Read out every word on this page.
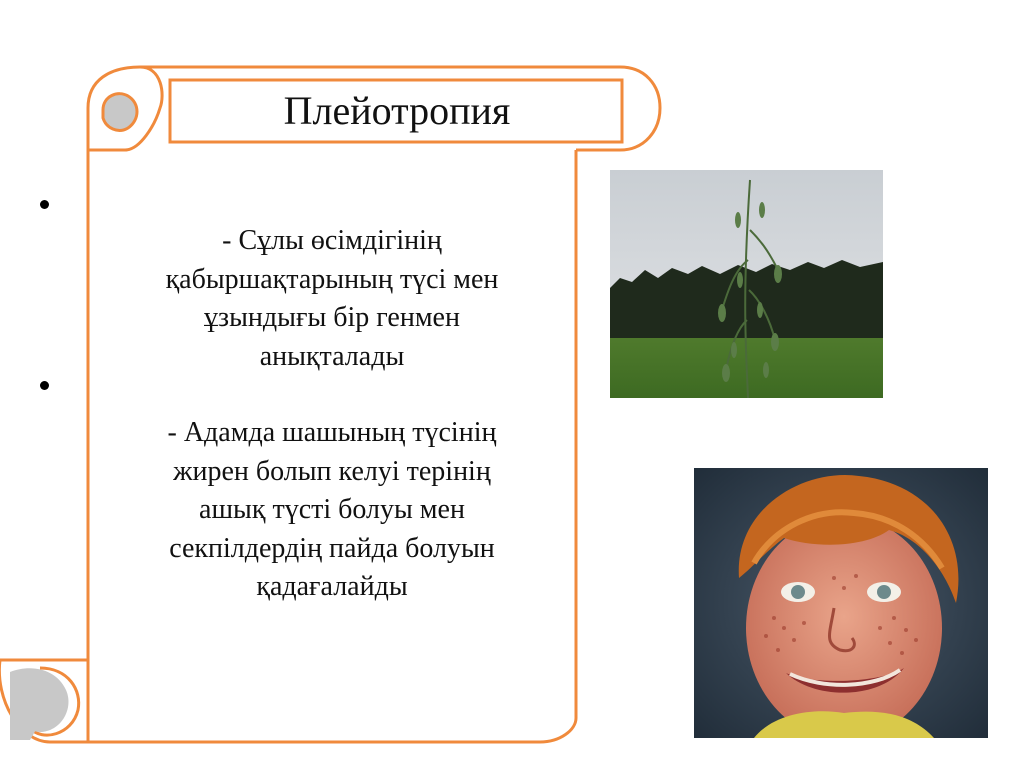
Плейотропия

- Сұлы өсімдігінің

қабыршақтарының түсі мен

ұзындығы бір генмен

анықталады

- Адамда шашының түсінің

жирен болып келуі терінің

ашық түсті болуы мен

секпілдердің пайда болуын

қадағалайды
